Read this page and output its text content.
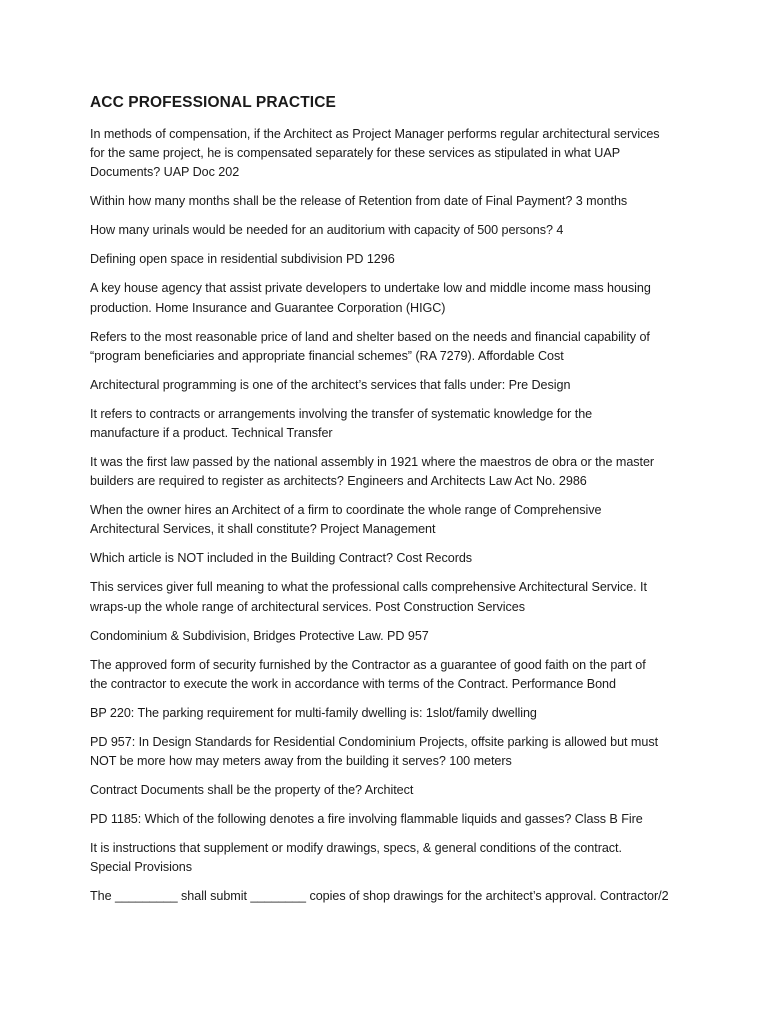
ACC PROFESSIONAL PRACTICE

In methods of compensation, if the Architect as Project Manager performs regular architectural services
for the same project, he is compensated separately for these services as stipulated in what UAP
Documents? UAP Doc 202

Within how many months shall be the release of Retention from date of Final Payment? 3 months

How many urinals would be needed for an auditorium with capacity of 500 persons? 4

Defining open space in residential subdivision PD 1296

A key house agency that assist private developers to undertake low and middle income mass housing
production. Home Insurance and Guarantee Corporation (HIGC)

Refers to the most reasonable price of land and shelter based on the needs and financial capability of
“program beneficiaries and appropriate financial schemes” (RA 7279). Affordable Cost

Architectural programming is one of the architect’s services that falls under: Pre Design

It refers to contracts or arrangements involving the transfer of systematic knowledge for the
manufacture if a product. Technical Transfer

It was the first law passed by the national assembly in 1921 where the maestros de obra or the master
builders are required to register as architects? Engineers and Architects Law Act No. 2986

When the owner hires an Architect of a firm to coordinate the whole range of Comprehensive
Architectural Services, it shall constitute? Project Management

Which article is NOT included in the Building Contract? Cost Records

This services giver full meaning to what the professional calls comprehensive Architectural Service. It
wraps-up the whole range of architectural services. Post Construction Services

Condominium & Subdivision, Bridges Protective Law. PD 957

The approved form of security furnished by the Contractor as a guarantee of good faith on the part of
the contractor to execute the work in accordance with terms of the Contract. Performance Bond

BP 220: The parking requirement for multi-family dwelling is: 1slot/family dwelling

PD 957: In Design Standards for Residential Condominium Projects, offsite parking is allowed but must
NOT be more how may meters away from the building it serves? 100 meters

Contract Documents shall be the property of the? Architect

PD 1185: Which of the following denotes a fire involving flammable liquids and gasses? Class B Fire

It is instructions that supplement or modify drawings, specs, & general conditions of the contract.
Special Provisions

The _________ shall submit ________ copies of shop drawings for the architect’s approval. Contractor/2
